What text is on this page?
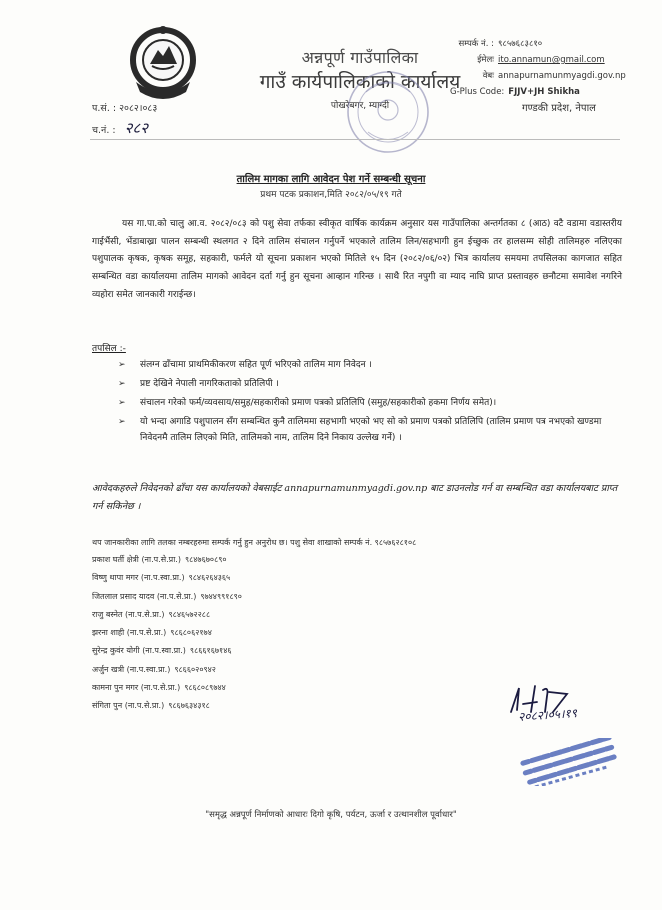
अन्नपूर्ण गाउँपालिका
गाउँ कार्यपालिकाको कार्यालय
पोखरेबगर, म्याग्दी
सम्पर्क नं. : ९८५७६८३८१०
ईमेलः ito.annamun@gmail.com
वेबः annapurnamunmyagdi.gov.np
G-Plus Code: FJJV+JH Shikha
गण्डकी प्रदेश, नेपाल
प.सं. : २०८२।०८३
च.नं. : २८२
तालिम मागका लागि आवेदन पेश गर्ने सम्बन्धी सूचना
प्रथम पटक प्रकाशन,मिति २०८२/०५/१९ गते
यस गा.पा.को चालु आ.व. २०८२/०८३ को पशु सेवा तर्फका स्वीकृत वार्षिक कार्यक्रम अनुसार यस गाउँपालिका अन्तर्गतका ८ (आठ) वटै वडामा वडास्तरीय गाईभैंसी, भेंडाबाख्रा पालन सम्बन्धी स्थलगत २ दिने तालिम संचालन गर्नुपर्ने भएकाले तालिम लिन/सहभागी हुन ईच्छुक तर हालसम्म सोही तालिमहरु नलिएका पशुपालक कृषक, कृषक समूह, सहकारी, फर्मले यो सूचना प्रकाशन भएको मितिले १५ दिन (२०८२/०६/०२) भित्र कार्यालय समयमा तपसिलका कागजात सहित सम्बन्धित वडा कार्यालयमा तालिम मागको आवेदन दर्ता गर्नु हुन सूचना आव्हान गरिन्छ । साथै रित नपुगी वा म्याद नाघि प्राप्त प्रस्तावहरु छनौटमा समावेश नगरिने व्यहोरा समेत जानकारी गराईन्छ।
तपसिल :-
➢	संलग्न ढाँचामा प्राथमिकीकरण सहित पूर्ण भरिएको तालिम माग निवेदन ।
➢	प्रष्ट देखिने नेपाली नागरिकताको प्रतिलिपी ।
➢	संचालन गरेको फर्म/व्यवसाय/समुह/सहकारीको प्रमाण पत्रको प्रतिलिपि (समुह/सहकारीको हकमा निर्णय समेत)।
➢	यो भन्दा अगाडि पशुपालन सँग सम्बन्धित कुनै तालिममा सहभागी भएको भए सो को प्रमाण पत्रको प्रतिलिपि (तालिम प्रमाण पत्र नभएको खण्डमा निवेदनमै तालिम लिएको मिति, तालिमको नाम, तालिम दिने निकाय उल्लेख गर्ने) ।
आवेदकहरुले निवेदनको ढाँचा यस कार्यालयको वेबसाईट annapurnamunmyagdi.gov.np बाट डाउनलोड गर्न वा सम्बन्धित वडा कार्यालयबाट प्राप्त गर्न सकिनेछ ।
थप जानकारीका लागि तलका नम्बरहरुमा सम्पर्क गर्नु हुन अनुरोध छ। पशु सेवा शाखाको सम्पर्क नं. ९८५७६२८१०८
प्रकाश घर्ती क्षेत्री (ना.प.से.प्रा.) ९८४७६७०८९०
विष्णु थापा मगर (ना.प.स्वा.प्रा.) ९८४६२६४३६५
जितलाल प्रसाद यादव (ना.प.से.प्रा.) ९७४४९९१८९०
राजु बस्नेत (ना.प.से.प्रा.) ९८४६५७२२८८
झरना शाही (ना.प.से.प्रा.) ९८६८०६२१७४
सुरेन्द्र कुवंर योगी (ना.प.स्वा.प्रा.) ९८६६१६७१४६
अर्जुन खत्री (ना.प.स्वा.प्रा.) ९८६६०२०९४२
कामना पुन मगर (ना.प.से.प्रा.) ९८६८०८९७४४
संगिता पुन (ना.प.से.प्रा.) ९८६७६३४३१८
२०८२।०५।१९
"समृद्ध अन्नपूर्ण निर्माणको आधारः दिगो कृषि, पर्यटन, ऊर्जा र उत्थानशील पूर्वाधार"
